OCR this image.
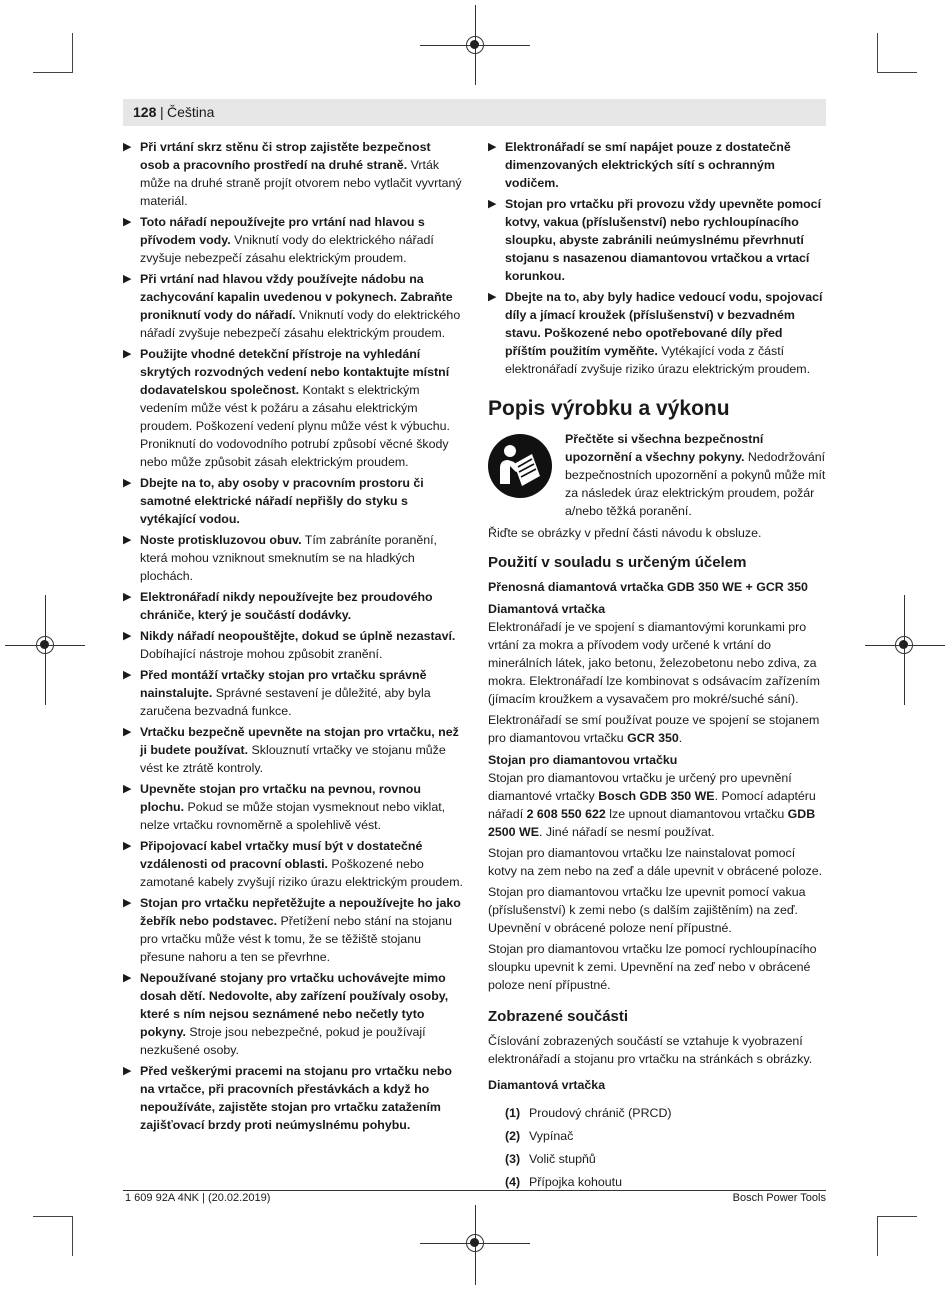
128 | Čeština
▶ Při vrtání skrz stěnu či strop zajistěte bezpečnost osob a pracovního prostředí na druhé straně. Vrták může na druhé straně projít otvorem nebo vytlačit vyvrtaný materiál.
▶ Toto nářadí nepoužívejte pro vrtání nad hlavou s přívodem vody. Vniknutí vody do elektrického nářadí zvyšuje nebezpečí zásahu elektrickým proudem.
▶ Při vrtání nad hlavou vždy používejte nádobu na zachycování kapalin uvedenou v pokynech. Zabraňte proniknutí vody do nářadí. Vniknutí vody do elektrického nářadí zvyšuje nebezpečí zásahu elektrickým proudem.
▶ Použijte vhodné detekční přístroje na vyhledání skrytých rozvodných vedení nebo kontaktujte místní dodavatelskou společnost. Kontakt s elektrickým vedením může vést k požáru a zásahu elektrickým proudem. Poškození vedení plynu může vést k výbuchu. Proniknutí do vodovodního potrubí způsobí věcné škody nebo může způsobit zásah elektrickým proudem.
▶ Dbejte na to, aby osoby v pracovním prostoru či samotné elektrické nářadí nepřišly do styku s vytékající vodou.
▶ Noste protiskluzovou obuv. Tím zabráníte poranění, která mohou vzniknout smeknutím se na hladkých plochách.
▶ Elektronářadí nikdy nepoužívejte bez proudového chrániče, který je součástí dodávky.
▶ Nikdy nářadí neopouštějte, dokud se úplně nezastaví. Dobíhající nástroje mohou způsobit zranění.
▶ Před montáží vrtačky stojan pro vrtačku správně nainstalujte. Správné sestavení je důležité, aby byla zaručena bezvadná funkce.
▶ Vrtačku bezpečně upevněte na stojan pro vrtačku, než ji budete používat. Sklouznutí vrtačky ve stojanu může vést ke ztrátě kontroly.
▶ Upevněte stojan pro vrtačku na pevnou, rovnou plochu. Pokud se může stojan vysmeknout nebo viklat, nelze vrtačku rovnoměrně a spolehlivě vést.
▶ Připojovací kabel vrtačky musí být v dostatečné vzdálenosti od pracovní oblasti. Poškozené nebo zamotané kabely zvyšují riziko úrazu elektrickým proudem.
▶ Stojan pro vrtačku nepřetěžujte a nepoužívejte ho jako žebřík nebo podstavec. Přetížení nebo stání na stojanu pro vrtačku může vést k tomu, že se těžiště stojanu přesune nahoru a ten se převrhne.
▶ Nepoužívané stojany pro vrtačku uchovávejte mimo dosah dětí. Nedovolte, aby zařízení používaly osoby, které s ním nejsou seznámené nebo nečetly tyto pokyny. Stroje jsou nebezpečné, pokud je používají nezkušené osoby.
▶ Před veškerými pracemi na stojanu pro vrtačku nebo na vrtačce, při pracovních přestávkách a když ho nepoužíváte, zajistěte stojan pro vrtačku zatažením zajišťovací brzdy proti neúmyslnému pohybu.
▶ Elektronářadí se smí napájet pouze z dostatečně dimenzovaných elektrických sítí s ochranným vodičem.
▶ Stojan pro vrtačku při provozu vždy upevněte pomocí kotvy, vakua (příslušenství) nebo rychloupínacího sloupku, abyste zabránili neúmyslnému převrhnutí stojanu s nasazenou diamantovou vrtačkou a vrtací korunkou.
▶ Dbejte na to, aby byly hadice vedoucí vodu, spojovací díly a jímací kroužek (příslušenství) v bezvadném stavu. Poškozené nebo opotřebované díly před příštím použitím vyměňte. Vytékající voda z částí elektronářadí zvyšuje riziko úrazu elektrickým proudem.
Popis výrobku a výkonu
Přečtěte si všechna bezpečnostní upozornění a všechny pokyny. Nedodržování bezpečnostních upozornění a pokynů může mít za následek úraz elektrickým proudem, požár a/nebo těžká poranění.

Řiďte se obrázky v přední části návodu k obsluze.

Použití v souladu s určeným účelem
Přenosná diamantová vrtačka GDB 350 WE + GCR 350
Diamantová vrtačka

Elektronářadí je ve spojení s diamantovými korunkami pro vrtání za mokra a přívodem vody určené k vrtání do minerálních látek, jako betonu, železobetonu nebo zdiva, za mokra. Elektronářadí lze kombinovat s odsávacím zařízením (jímacím kroužkem a vysavačem pro mokré/suché sání).

Elektronářadí se smí používat pouze ve spojení se stojanem pro diamantovou vrtačku GCR 350.

Stojan pro diamantovou vrtačku

Stojan pro diamantovou vrtačku je určený pro upevnění diamantové vrtačky Bosch GDB 350 WE. Pomocí adaptéru nářadí 2 608 550 622 lze upnout diamantovou vrtačku GDB 2500 WE. Jiné nářadí se nesmí používat.

Stojan pro diamantovou vrtačku lze nainstalovat pomocí kotvy na zem nebo na zeď a dále upevnit v obrácené poloze.

Stojan pro diamantovou vrtačku lze upevnit pomocí vakua (příslušenství) k zemi nebo (s dalším zajištěním) na zeď. Upevnění v obrácené poloze není přípustné.

Stojan pro diamantovou vrtačku lze pomocí rychloupínacího sloupku upevnit k zemi. Upevnění na zeď nebo v obrácené poloze není přípustné.

Zobrazené součásti

Číslování zobrazených součástí se vztahuje k vyobrazení elektronářadí a stojanu pro vrtačku na stránkách s obrázky.

Diamantová vrtačka
(1) Proudový chránič (PRCD)
(2) Vypínač
(3) Volič stupňů
(4) Přípojka kohoutu
1 609 92A 4NK | (20.02.2019)	Bosch Power Tools
